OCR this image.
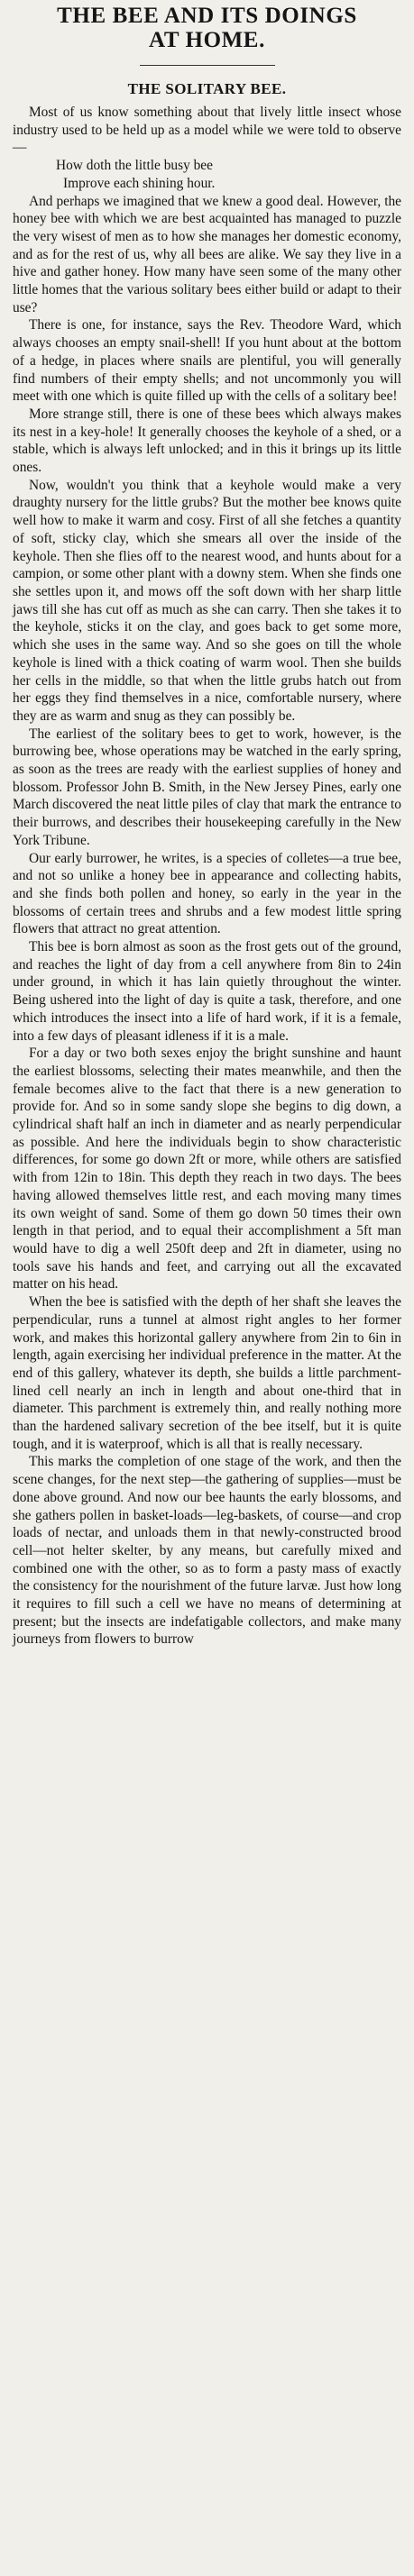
THE BEE AND ITS DOINGS
AT HOME.
THE SOLITARY BEE.

Most of us know something about that lively little insect whose industry used to be held up as a model while we were told to observe—

How doth the little busy bee
Improve each shining hour.

And perhaps we imagined that we knew a good deal. However, the honey bee with which we are best acquainted has managed to puzzle the very wisest of men as to how she manages her domestic economy, and as for the rest of us, why all bees are alike. We say they live in a hive and gather honey. How many have seen some of the many other little homes that the various solitary bees either build or adapt to their use?

There is one, for instance, says the Rev. Theodore Ward, which always chooses an empty snail-shell! If you hunt about at the bottom of a hedge, in places where snails are plentiful, you will generally find numbers of their empty shells; and not uncommonly you will meet with one which is quite filled up with the cells of a solitary bee!

More strange still, there is one of these bees which always makes its nest in a key-hole! It generally chooses the keyhole of a shed, or a stable, which is always left unlocked; and in this it brings up its little ones.

Now, wouldn't you think that a keyhole would make a very draughty nursery for the little grubs? But the mother bee knows quite well how to make it warm and cosy. First of all she fetches a quantity of soft, sticky clay, which she smears all over the inside of the keyhole. Then she flies off to the nearest wood, and hunts about for a campion, or some other plant with a downy stem. When she finds one she settles upon it, and mows off the soft down with her sharp little jaws till she has cut off as much as she can carry. Then she takes it to the keyhole, sticks it on the clay, and goes back to get some more, which she uses in the same way. And so she goes on till the whole keyhole is lined with a thick coating of warm wool. Then she builds her cells in the middle, so that when the little grubs hatch out from her eggs they find themselves in a nice, comfortable nursery, where they are as warm and snug as they can possibly be.

The earliest of the solitary bees to get to work, however, is the burrowing bee, whose operations may be watched in the early spring, as soon as the trees are ready with the earliest supplies of honey and blossom. Professor John B. Smith, in the New Jersey Pines, early one March discovered the neat little piles of clay that mark the entrance to their burrows, and describes their housekeeping carefully in the New York Tribune.

Our early burrower, he writes, is a species of colletes—a true bee, and not so unlike a honey bee in appearance and collecting habits, and she finds both pollen and honey, so early in the year in the blossoms of certain trees and shrubs and a few modest little spring flowers that attract no great attention.

This bee is born almost as soon as the frost gets out of the ground, and reaches the light of day from a cell anywhere from 8in to 24in under ground, in which it has lain quietly throughout the winter. Being ushered into the light of day is quite a task, therefore, and one which introduces the insect into a life of hard work, if it is a female, into a few days of pleasant idleness if it is a male.

For a day or two both sexes enjoy the bright sunshine and haunt the earliest blossoms, selecting their mates meanwhile, and then the female becomes alive to the fact that there is a new generation to provide for. And so in some sandy slope she begins to dig down, a cylindrical shaft half an inch in diameter and as nearly perpendicular as possible. And here the individuals begin to show characteristic differences, for some go down 2ft or more, while others are satisfied with from 12in to 18in. This depth they reach in two days. The bees having allowed themselves little rest, and each moving many times its own weight of sand. Some of them go down 50 times their own length in that period, and to equal their accomplishment a 5ft man would have to dig a well 250ft deep and 2ft in diameter, using no tools save his hands and feet, and carrying out all the excavated matter on his head.

When the bee is satisfied with the depth of her shaft she leaves the perpendicular, runs a tunnel at almost right angles to her former work, and makes this horizontal gallery anywhere from 2in to 6in in length, again exercising her individual preference in the matter. At the end of this gallery, whatever its depth, she builds a little parchment-lined cell nearly an inch in length and about one-third that in diameter. This parchment is extremely thin, and really nothing more than the hardened salivary secretion of the bee itself, but it is quite tough, and it is waterproof, which is all that is really necessary.

This marks the completion of one stage of the work, and then the scene changes, for the next step—the gathering of supplies—must be done above ground. And now our bee haunts the early blossoms, and she gathers pollen in basket-loads—leg-baskets, of course—and crop loads of nectar, and unloads them in that newly-constructed brood cell—not helter skelter, by any means, but carefully mixed and combined one with the other, so as to form a pasty mass of exactly the consistency for the nourishment of the future larvæ. Just how long it requires to fill such a cell we have no means of determining at present; but the insects are indefatigable collectors, and make many journeys from flowers to burrow
